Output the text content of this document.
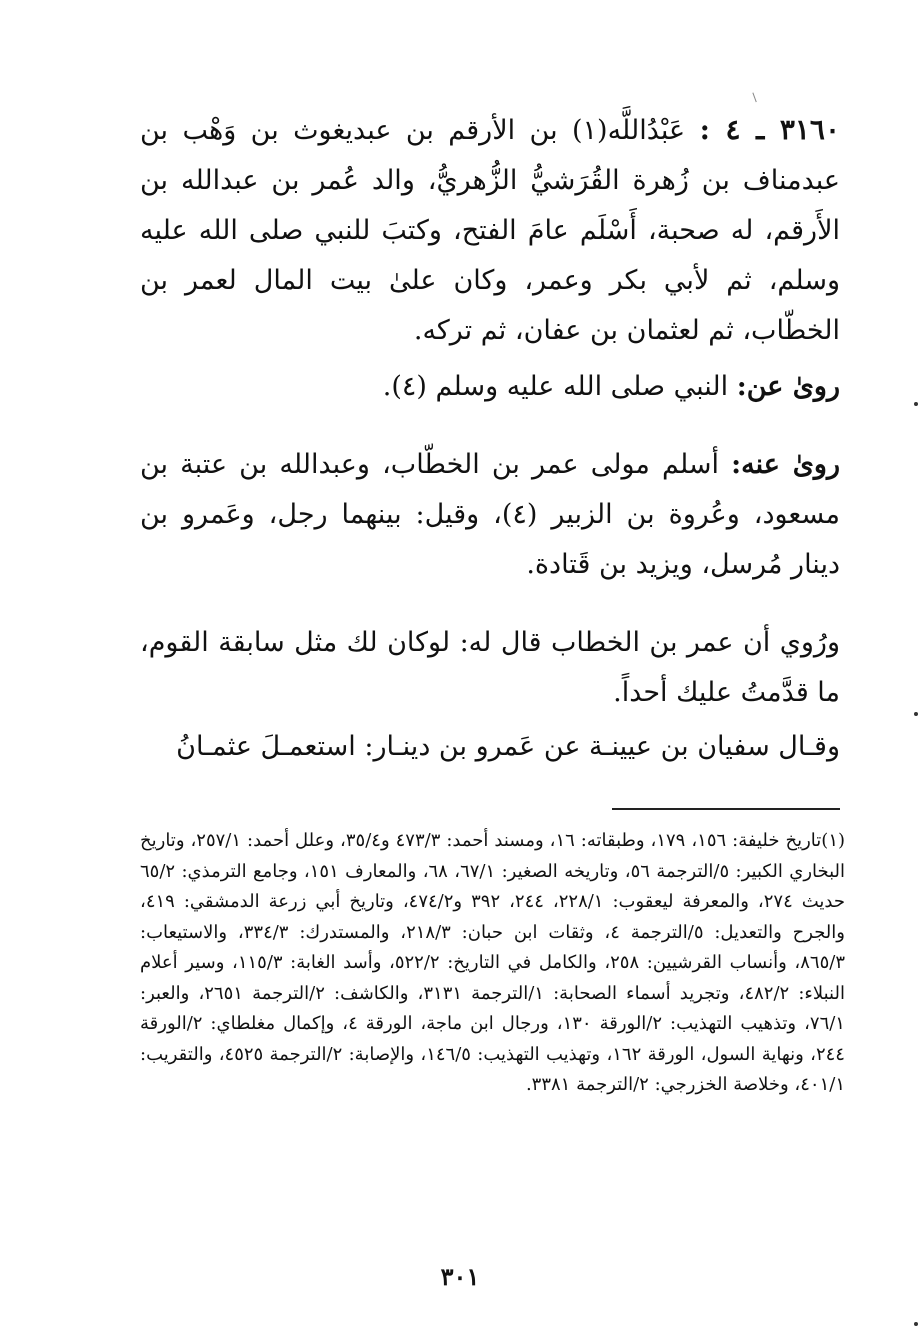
٣١٦٠ ـ ٤ : عَبْدُاللَّه(١) بن الأرقم بن عبديغوث بن وَهْب بن عبدمناف بن زُهرة القُرَشيُّ الزُّهريُّ، والد عُمر بن عبدالله بن الأَرقم، له صحبة، أَسْلَم عامَ الفتح، وكتبَ للنبي صلى الله عليه وسلم، ثم لأبي بكر وعمر، وكان علىٰ بيت المال لعمر بن الخطّاب، ثم لعثمان بن عفان، ثم تركه.

روىٰ عن: النبي صلى الله عليه وسلم (٤).

روىٰ عنه: أسلم مولى عمر بن الخطّاب، وعبدالله بن عتبة بن مسعود، وعُروة بن الزبير (٤)، وقيل: بينهما رجل، وعَمرو بن دينار مُرسل، ويزيد بن قَتادة.

ورُوي أن عمر بن الخطاب قال له: لوكان لك مثل سابقة القوم، ما قدَّمتُ عليك أحداً.

وقـال سفيان بن عيينـة عن عَمرو بن دينـار: استعمـلَ عثمـانُ

(١)تاريخ خليفة: ١٥٦، ١٧٩، وطبقاته: ١٦، ومسند أحمد: ٤٧٣/٣ و٣٥/٤، وعلل أحمد: ٢٥٧/١، وتاريخ البخاري الكبير: ٥/الترجمة ٥٦، وتاريخه الصغير: ٦٧/١، ٦٨، والمعارف ١٥١، وجامع الترمذي: ٦٥/٢ حديث ٢٧٤، والمعرفة ليعقوب: ٢٢٨/١، ٢٤٤، ٣٩٢ و٤٧٤/٢، وتاريخ أبي زرعة الدمشقي: ٤١٩، والجرح والتعديل: ٥/الترجمة ٤، وثقات ابن حبان: ٢١٨/٣، والمستدرك: ٣٣٤/٣، والاستيعاب: ٨٦٥/٣، وأنساب القرشيين: ٢٥٨، والكامل في التاريخ: ٥٢٢/٢، وأسد الغابة: ١١٥/٣، وسير أعلام النبلاء: ٤٨٢/٢، وتجريد أسماء الصحابة: ١/الترجمة ٣١٣١، والكاشف: ٢/الترجمة ٢٦٥١، والعبر: ٧٦/١، وتذهيب التهذيب: ٢/الورقة ١٣٠، ورجال ابن ماجة، الورقة ٤، وإكمال مغلطاي: ٢/الورقة ٢٤٤، ونهاية السول، الورقة ١٦٢، وتهذيب التهذيب: ١٤٦/٥، والإصابة: ٢/الترجمة ٤٥٢٥، والتقريب: ٤٠١/١، وخلاصة الخزرجي: ٢/الترجمة ٣٣٨١.

٣٠١
